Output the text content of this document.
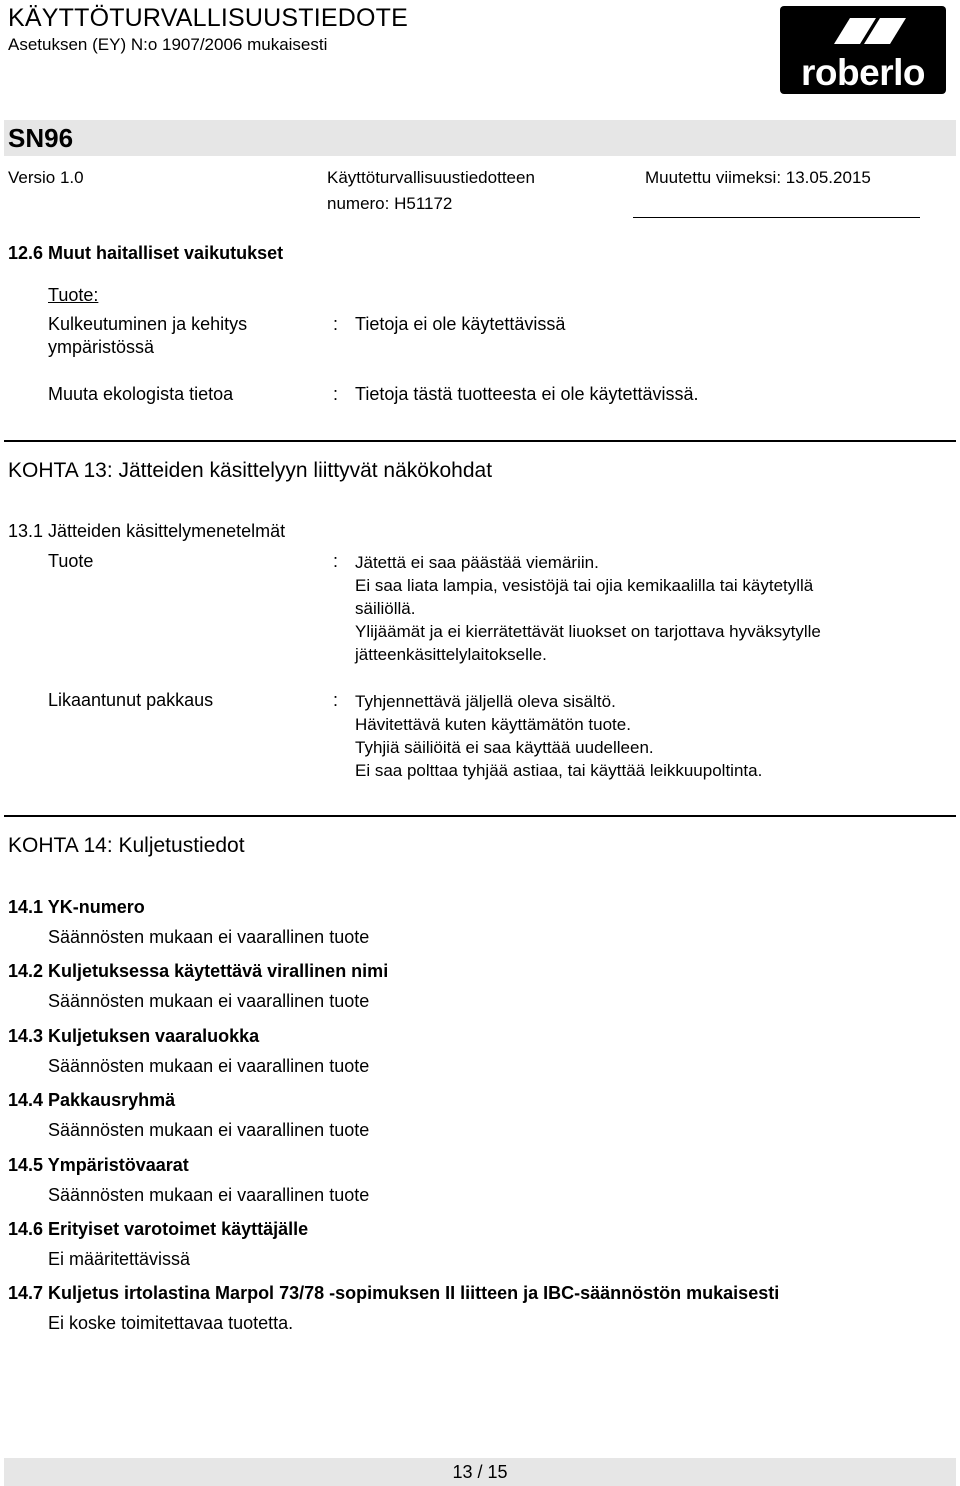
KÄYTTÖTURVALLISUUSTIEDOTE
Asetuksen (EY) N:o 1907/2006 mukaisesti
roberlo
SN96
Versio 1.0	Käyttöturvallisuustiedotteen
numero: H51172
Muutettu viimeksi: 13.05.2015
12.6 Muut haitalliset vaikutukset
Tuote:
Kulkeutuminen ja kehitys
ympäristössä
: Tietoja ei ole käytettävissä
Muuta ekologista tietoa	: Tietoja tästä tuotteesta ei ole käytettävissä.
KOHTA 13: Jätteiden käsittelyyn liittyvät näkökohdat
13.1 Jätteiden käsittelymenetelmät
Tuote	: Jätettä ei saa päästää viemäriin.
Ei saa liata lampia, vesistöjä tai ojia kemikaalilla tai käytetyllä
säiliöllä.
Ylijäämät ja ei kierrätettävät liuokset on tarjottava hyväksytylle
jätteenkäsittelylaitokselle.
Likaantunut pakkaus	: Tyhjennettävä jäljellä oleva sisältö.
Hävitettävä kuten käyttämätön tuote.
Tyhjiä säiliöitä ei saa käyttää uudelleen.
Ei saa polttaa tyhjää astiaa, tai käyttää leikkuupoltinta.
KOHTA 14: Kuljetustiedot
14.1 YK-numero
Säännösten mukaan ei vaarallinen tuote
14.2 Kuljetuksessa käytettävä virallinen nimi
Säännösten mukaan ei vaarallinen tuote
14.3 Kuljetuksen vaaraluokka
Säännösten mukaan ei vaarallinen tuote
14.4 Pakkausryhmä
Säännösten mukaan ei vaarallinen tuote
14.5 Ympäristövaarat
Säännösten mukaan ei vaarallinen tuote
14.6 Erityiset varotoimet käyttäjälle
Ei määritettävissä
14.7 Kuljetus irtolastina Marpol 73/78 -sopimuksen II liitteen ja IBC-säännöstön mukaisesti
Ei koske toimitettavaa tuotetta.
13 / 15
